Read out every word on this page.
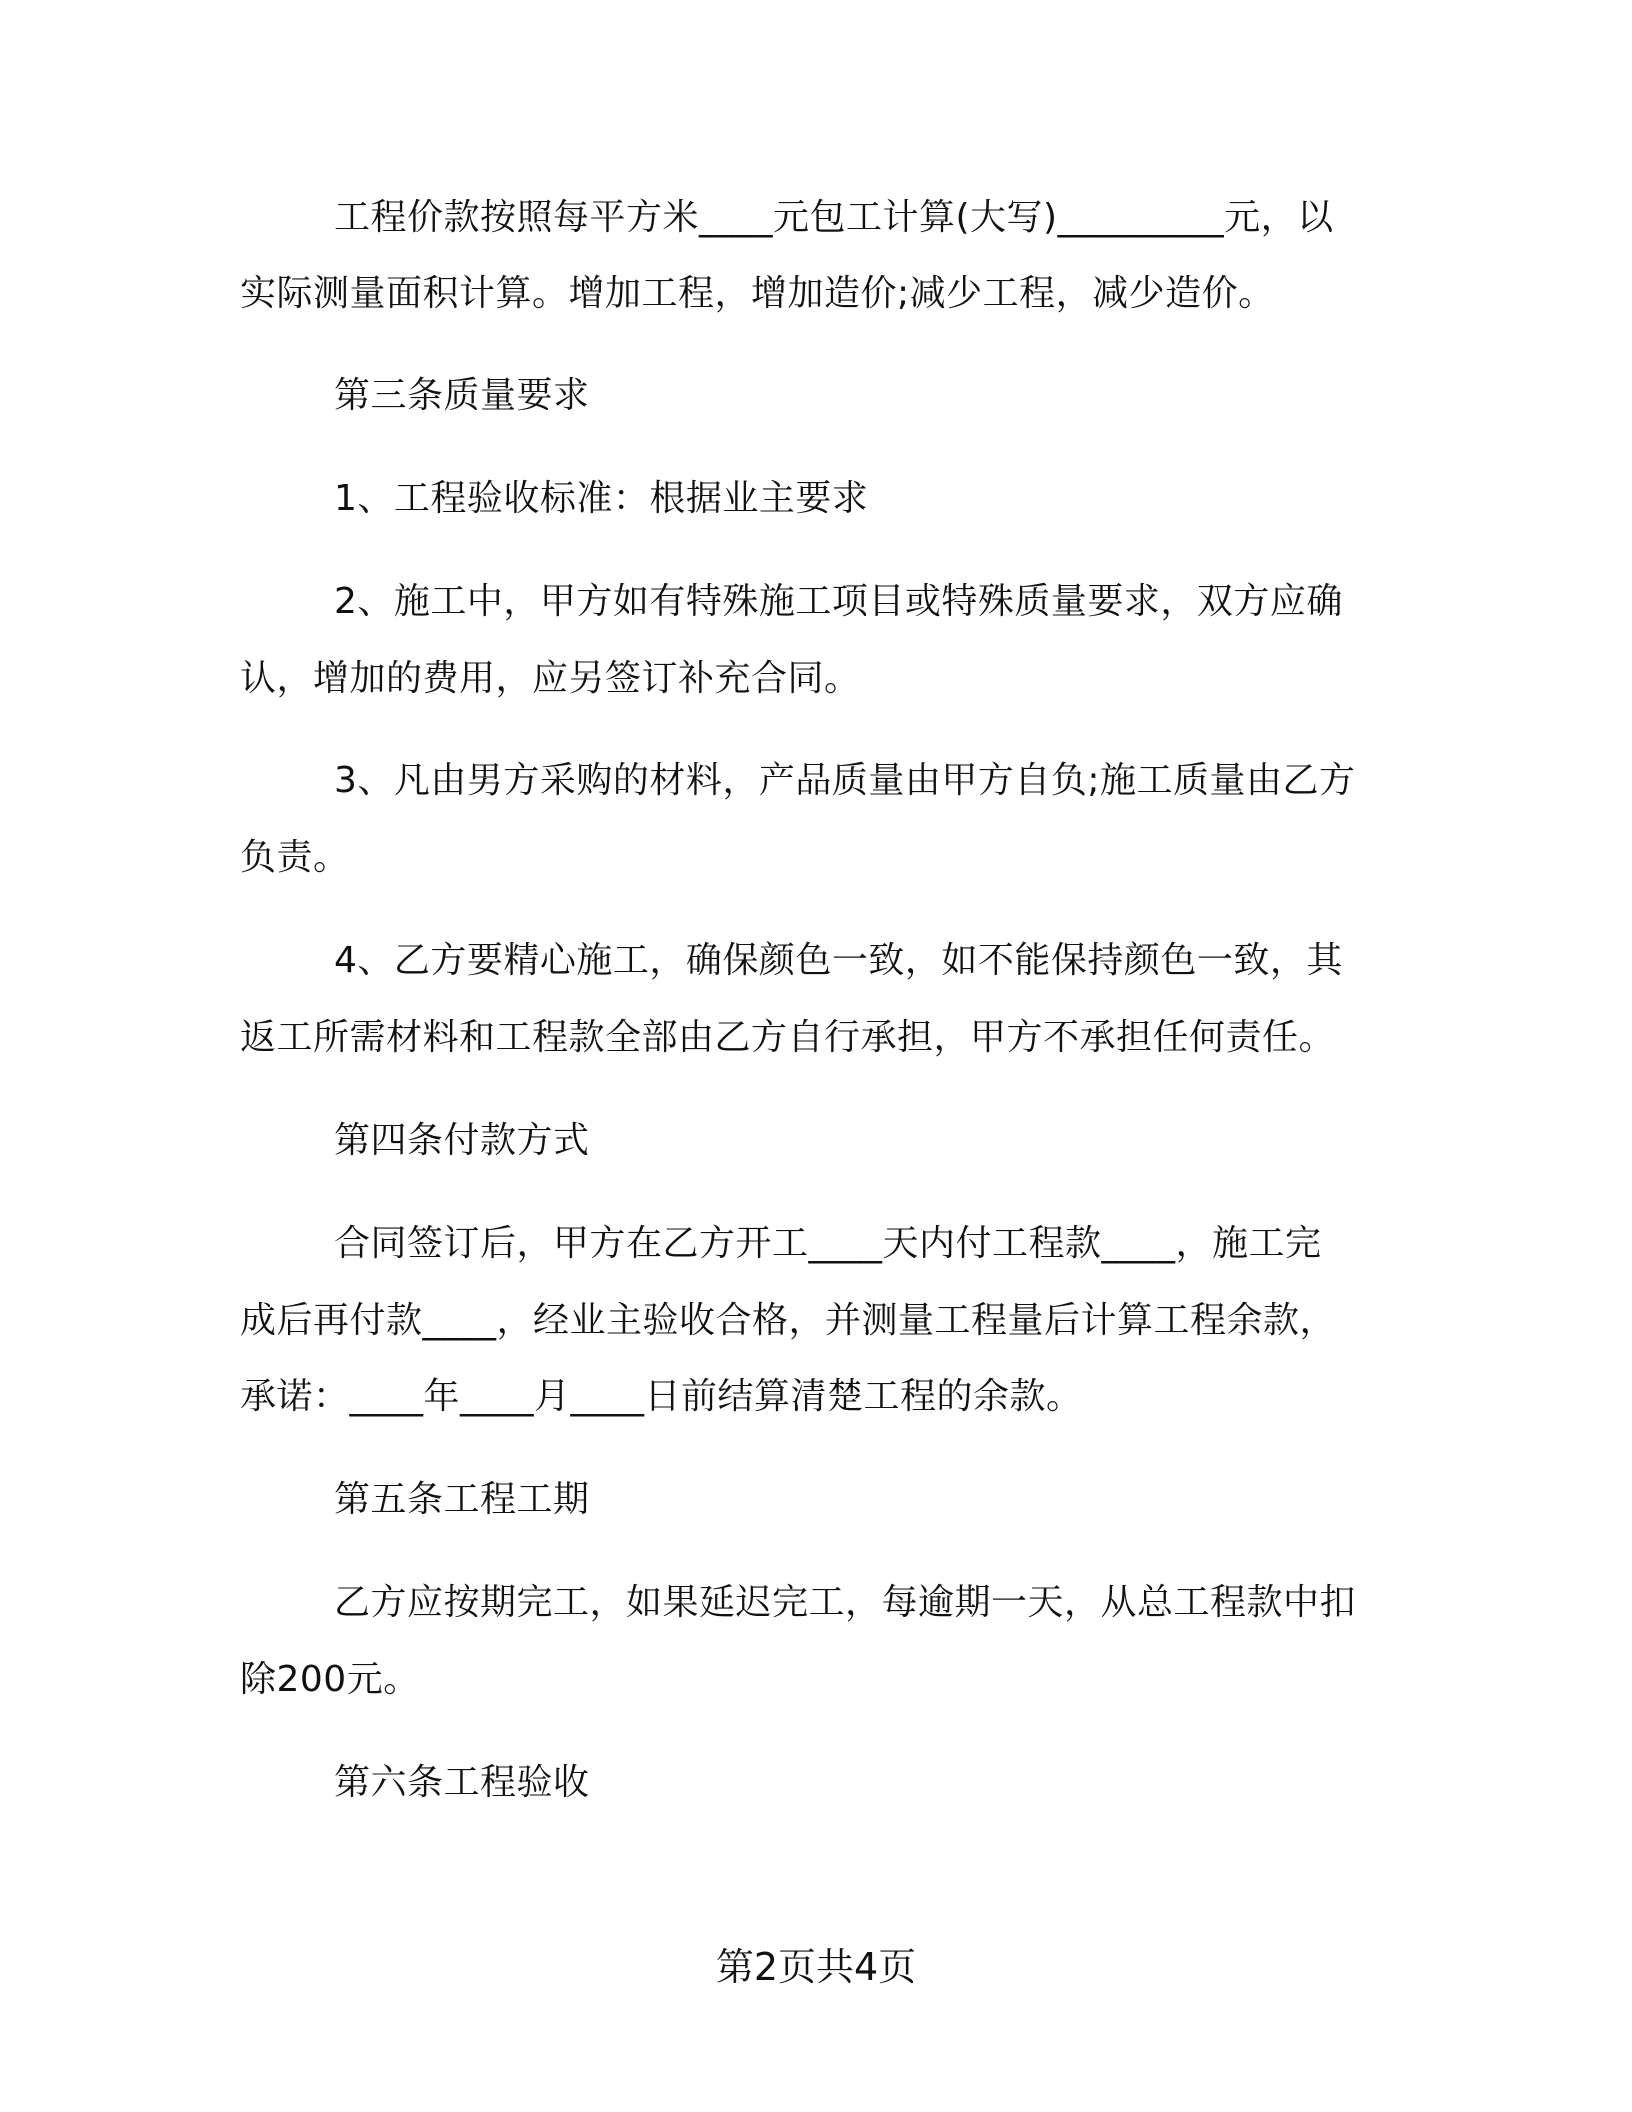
工程价款按照每平方米____元包工计算(大写)_________元，以
实际测量面积计算。增加工程，增加造价;减少工程，减少造价。
第三条质量要求
1、工程验收标准：根据业主要求
2、施工中，甲方如有特殊施工项目或特殊质量要求，双方应确
认，增加的费用，应另签订补充合同。
3、凡由男方采购的材料，产品质量由甲方自负;施工质量由乙方
负责。
4、乙方要精心施工，确保颜色一致，如不能保持颜色一致，其
返工所需材料和工程款全部由乙方自行承担，甲方不承担任何责任。
第四条付款方式
合同签订后，甲方在乙方开工____天内付工程款____，施工完
成后再付款____，经业主验收合格，并测量工程量后计算工程余款，
承诺：____年____月____日前结算清楚工程的余款。
第五条工程工期
乙方应按期完工，如果延迟完工，每逾期一天，从总工程款中扣
除200元。
第六条工程验收
第2页共4页
